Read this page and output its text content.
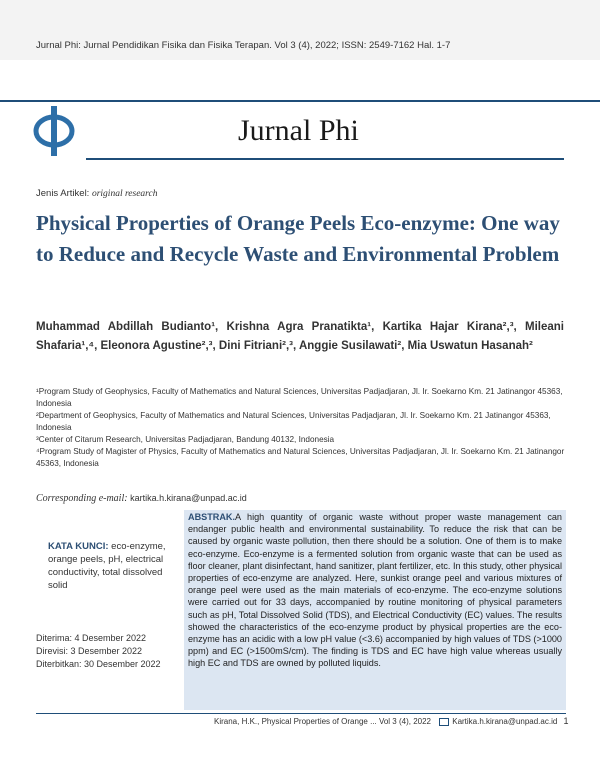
Jurnal Phi: Jurnal Pendidikan Fisika dan Fisika Terapan. Vol 3 (4), 2022; ISSN: 2549-7162 Hal. 1-7
Jurnal Phi
Jenis Artikel: original research
Physical Properties of Orange Peels Eco-enzyme: One way to Reduce and Recycle Waste and Environmental Problem
Muhammad Abdillah Budianto¹, Krishna Agra Pranatikta¹, Kartika Hajar Kirana²,³, Mileani Shafaria¹,⁴, Eleonora Agustine²,³, Dini Fitriani²,³, Anggie Susilawati², Mia Uswatun Hasanah²
¹Program Study of Geophysics, Faculty of Mathematics and Natural Sciences, Universitas Padjadjaran, Jl. Ir. Soekarno Km. 21 Jatinangor 45363, Indonesia
²Department of Geophysics, Faculty of Mathematics and Natural Sciences, Universitas Padjadjaran, Jl. Ir. Soekarno Km. 21 Jatinangor 45363, Indonesia
³Center of Citarum Research, Universitas Padjadjaran, Bandung 40132, Indonesia
⁴Program Study of Magister of Physics, Faculty of Mathematics and Natural Sciences, Universitas Padjadjaran, Jl. Ir. Soekarno Km. 21 Jatinangor 45363, Indonesia
Corresponding e-mail: kartika.h.kirana@unpad.ac.id
KATA KUNCI: eco-enzyme, orange peels, pH, electrical conductivity, total dissolved solid
Diterima: 4 Desember 2022
Direvisi: 3 Desember 2022
Diterbitkan: 30 Desember 2022
ABSTRAK.A high quantity of organic waste without proper waste management can endanger public health and environmental sustainability. To reduce the risk that can be caused by organic waste pollution, then there should be a solution. One of them is to make eco-enzyme. Eco-enzyme is a fermented solution from organic waste that can be used as floor cleaner, plant disinfectant, hand sanitizer, plant fertilizer, etc. In this study, other physical properties of eco-enzyme are analyzed. Here, sunkist orange peel and various mixtures of orange peel were used as the main materials of eco-enzyme. The eco-enzyme solutions were carried out for 33 days, accompanied by routine monitoring of physical parameters such as pH, Total Dissolved Solid (TDS), and Electrical Conductivity (EC) values. The results showed the characteristics of the eco-enzyme product by physical properties are the eco-enzyme has an acidic with a low pH value (<3.6) accompanied by high values of TDS (>1000 ppm) and EC (>1500mS/cm). The finding is TDS and EC have high value whereas usually high EC and TDS are owned by polluted liquids.
Kirana, H.K., Physical Properties of Orange ... Vol 3 (4), 2022	Kartika.h.kirana@unpad.ac.id 1
